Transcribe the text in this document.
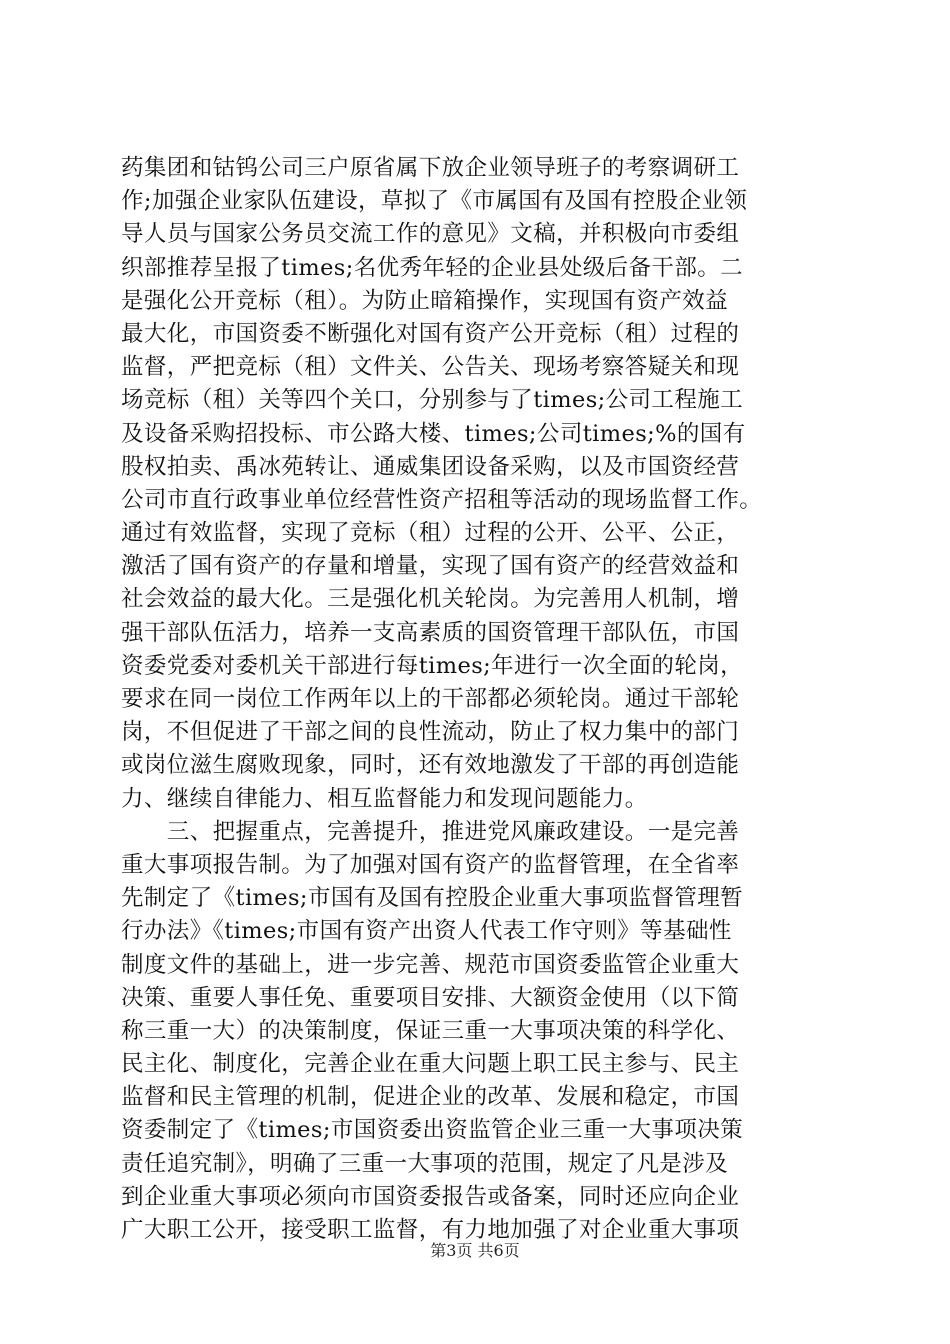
药集团和钴钨公司三户原省属下放企业领导班子的考察调研工
作;加强企业家队伍建设，草拟了《市属国有及国有控股企业领
导人员与国家公务员交流工作的意见》文稿，并积极向市委组
织部推荐呈报了times;名优秀年轻的企业县处级后备干部。二
是强化公开竞标（租）。为防止暗箱操作，实现国有资产效益
最大化，市国资委不断强化对国有资产公开竞标（租）过程的
监督，严把竞标（租）文件关、公告关、现场考察答疑关和现
场竞标（租）关等四个关口，分别参与了times;公司工程施工
及设备采购招投标、市公路大楼、times;公司times;%的国有
股权拍卖、禹冰苑转让、通威集团设备采购，以及市国资经营
公司市直行政事业单位经营性资产招租等活动的现场监督工作。
通过有效监督，实现了竞标（租）过程的公开、公平、公正，
激活了国有资产的存量和增量，实现了国有资产的经营效益和
社会效益的最大化。三是强化机关轮岗。为完善用人机制，增
强干部队伍活力，培养一支高素质的国资管理干部队伍，市国
资委党委对委机关干部进行每times;年进行一次全面的轮岗，
要求在同一岗位工作两年以上的干部都必须轮岗。通过干部轮
岗，不但促进了干部之间的良性流动，防止了权力集中的部门
或岗位滋生腐败现象，同时，还有效地激发了干部的再创造能
力、继续自律能力、相互监督能力和发现问题能力。
　　三、把握重点，完善提升，推进党风廉政建设。一是完善
重大事项报告制。为了加强对国有资产的监督管理，在全省率
先制定了《times;市国有及国有控股企业重大事项监督管理暂
行办法》《times;市国有资产出资人代表工作守则》等基础性
制度文件的基础上，进一步完善、规范市国资委监管企业重大
决策、重要人事任免、重要项目安排、大额资金使用（以下简
称三重一大）的决策制度，保证三重一大事项决策的科学化、
民主化、制度化，完善企业在重大问题上职工民主参与、民主
监督和民主管理的机制，促进企业的改革、发展和稳定，市国
资委制定了《times;市国资委出资监管企业三重一大事项决策
责任追究制》，明确了三重一大事项的范围，规定了凡是涉及
到企业重大事项必须向市国资委报告或备案，同时还应向企业
广大职工公开，接受职工监督，有力地加强了对企业重大事项
第3页 共6页
